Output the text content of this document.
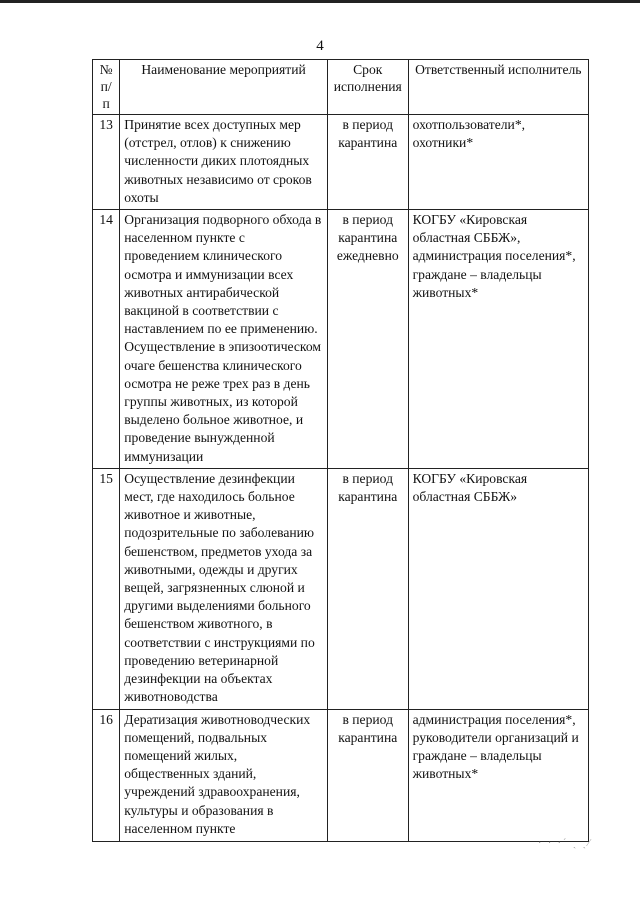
4
№ п/п	Наименование мероприятий	Срок исполнения	Ответственный исполнитель
13	Принятие всех доступных мер (отстрел, отлов) к снижению численности диких плотоядных животных независимо от сроков охоты	в период карантина	охотпользователи*, охотники*
14	Организация подворного обхода в населенном пункте с проведением клинического осмотра и иммунизации всех животных антирабической вакциной в соответствии с наставлением по ее применению. Осуществление в эпизоотическом очаге бешенства клинического осмотра не реже трех раз в день группы животных, из которой выделено больное животное, и проведение вынужденной иммунизации	в период карантина ежедневно	КОГБУ «Кировская областная СББЖ», администрация поселения*, граждане – владельцы животных*
15	Осуществление дезинфекции мест, где находилось больное животное и животные, подозрительные по заболеванию бешенством, предметов ухода за животными, одежды и других вещей, загрязненных слюной и другими выделениями больного бешенством животного, в соответствии с инструкциями по проведению ветеринарной дезинфекции на объектах животноводства	в период карантина	КОГБУ «Кировская областная СББЖ»
16	Дератизация животноводческих помещений, подвальных помещений жилых, общественных зданий, учреждений здравоохранения, культуры и образования в населенном пункте	в период карантина	администрация поселения*, руководители организаций и граждане – владельцы животных*
· · ·ˊ ˏ ˎ⁄
